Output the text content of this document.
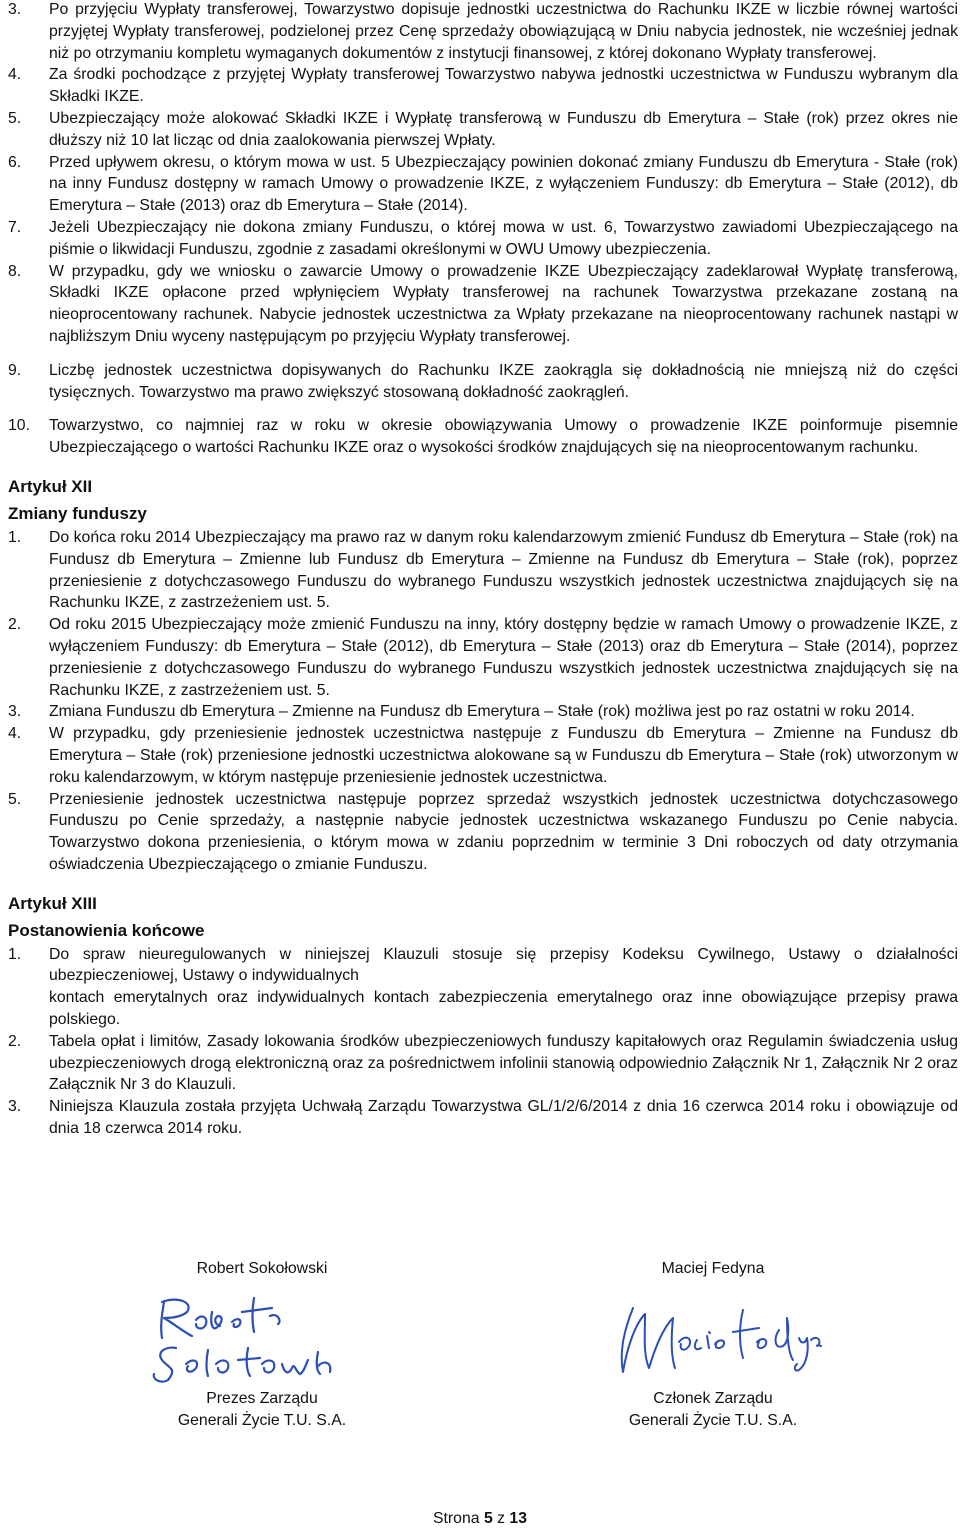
3.	Po przyjęciu Wypłaty transferowej, Towarzystwo dopisuje jednostki uczestnictwa do Rachunku IKZE w liczbie równej wartości przyjętej Wypłaty transferowej, podzielonej przez Cenę sprzedaży obowiązującą w Dniu nabycia jednostek, nie wcześniej jednak niż po otrzymaniu kompletu wymaganych dokumentów z instytucji finansowej, z której dokonano Wypłaty transferowej.
4.	Za środki pochodzące z przyjętej Wypłaty transferowej Towarzystwo nabywa jednostki uczestnictwa w Funduszu wybranym dla Składki IKZE.
5.	Ubezpieczający może alokować Składki IKZE i Wypłatę transferową w Funduszu db Emerytura – Stałe (rok) przez okres nie dłuższy niż 10 lat licząc od dnia zaalokowania pierwszej Wpłaty.
6.	Przed upływem okresu, o którym mowa w ust. 5 Ubezpieczający powinien dokonać zmiany Funduszu db Emerytura - Stałe (rok) na inny Fundusz dostępny w ramach Umowy o prowadzenie IKZE, z wyłączeniem Funduszy: db Emerytura – Stałe (2012), db Emerytura – Stałe (2013) oraz db Emerytura – Stałe (2014).
7.	Jeżeli Ubezpieczający nie dokona zmiany Funduszu, o której mowa w ust. 6, Towarzystwo zawiadomi Ubezpieczającego na piśmie o likwidacji Funduszu, zgodnie z zasadami określonymi w OWU Umowy ubezpieczenia.
8.	W przypadku, gdy we wniosku o zawarcie Umowy o prowadzenie IKZE Ubezpieczający zadeklarował Wypłatę transferową, Składki IKZE opłacone przed wpłynięciem Wypłaty transferowej na rachunek Towarzystwa przekazane zostaną na nieoprocentowany rachunek. Nabycie jednostek uczestnictwa za Wpłaty przekazane na nieoprocentowany rachunek nastąpi w najbliższym Dniu wyceny następującym po przyjęciu Wypłaty transferowej.
9.	Liczbę jednostek uczestnictwa dopisywanych do Rachunku IKZE zaokrągla się dokładnością nie mniejszą niż do części tysięcznych. Towarzystwo ma prawo zwiększyć stosowaną dokładność zaokrągleń.
10.	Towarzystwo, co najmniej raz w roku w okresie obowiązywania Umowy o prowadzenie IKZE poinformuje pisemnie Ubezpieczającego o wartości Rachunku IKZE oraz o wysokości środków znajdujących się na nieoprocentowanym rachunku.
Artykuł XII
Zmiany funduszy
1.	Do końca roku 2014 Ubezpieczający ma prawo raz w danym roku kalendarzowym zmienić Fundusz db Emerytura – Stałe (rok) na Fundusz db Emerytura – Zmienne lub Fundusz db Emerytura – Zmienne na Fundusz db Emerytura – Stałe (rok), poprzez przeniesienie z dotychczasowego Funduszu do wybranego Funduszu wszystkich jednostek uczestnictwa znajdujących się na Rachunku IKZE, z zastrzeżeniem ust. 5.
2.	Od roku 2015 Ubezpieczający może zmienić Funduszu na inny, który dostępny będzie w ramach Umowy o prowadzenie IKZE, z wyłączeniem Funduszy: db Emerytura – Stałe (2012), db Emerytura – Stałe (2013) oraz db Emerytura – Stałe (2014), poprzez przeniesienie z dotychczasowego Funduszu do wybranego Funduszu wszystkich jednostek uczestnictwa znajdujących się na Rachunku IKZE, z zastrzeżeniem ust. 5.
3.	Zmiana Funduszu db Emerytura – Zmienne na Fundusz db Emerytura – Stałe (rok) możliwa jest po raz ostatni w roku 2014.
4.	W przypadku, gdy przeniesienie jednostek uczestnictwa następuje z Funduszu db Emerytura – Zmienne na Fundusz db Emerytura – Stałe (rok) przeniesione jednostki uczestnictwa alokowane są w Funduszu db Emerytura – Stałe (rok) utworzonym w roku kalendarzowym, w którym następuje przeniesienie jednostek uczestnictwa.
5.	Przeniesienie jednostek uczestnictwa następuje poprzez sprzedaż wszystkich jednostek uczestnictwa dotychczasowego Funduszu po Cenie sprzedaży, a następnie nabycie jednostek uczestnictwa wskazanego Funduszu po Cenie nabycia. Towarzystwo dokona przeniesienia, o którym mowa w zdaniu poprzednim w terminie 3 Dni roboczych od daty otrzymania oświadczenia Ubezpieczającego o zmianie Funduszu.
Artykuł XIII
Postanowienia końcowe
1.	Do spraw nieuregulowanych w niniejszej Klauzuli stosuje się przepisy Kodeksu Cywilnego, Ustawy o działalności ubezpieczeniowej, Ustawy o indywidualnych
kontach emerytalnych oraz indywidualnych kontach zabezpieczenia emerytalnego oraz inne obowiązujące przepisy prawa polskiego.
2.	Tabela opłat i limitów, Zasady lokowania środków ubezpieczeniowych funduszy kapitałowych oraz Regulamin świadczenia usług ubezpieczeniowych drogą elektroniczną oraz za pośrednictwem infolinii stanowią odpowiednio Załącznik Nr 1, Załącznik Nr 2 oraz Załącznik Nr 3 do Klauzuli.
3.	Niniejsza Klauzula została przyjęta Uchwałą Zarządu Towarzystwa GL/1/2/6/2014 z dnia 16 czerwca 2014 roku i obowiązuje od dnia 18 czerwca 2014 roku.
Robert Sokołowski
Prezes Zarządu
Generali Życie T.U. S.A.
Maciej Fedyna
Członek Zarządu
Generali Życie T.U. S.A.
Strona 5 z 13
